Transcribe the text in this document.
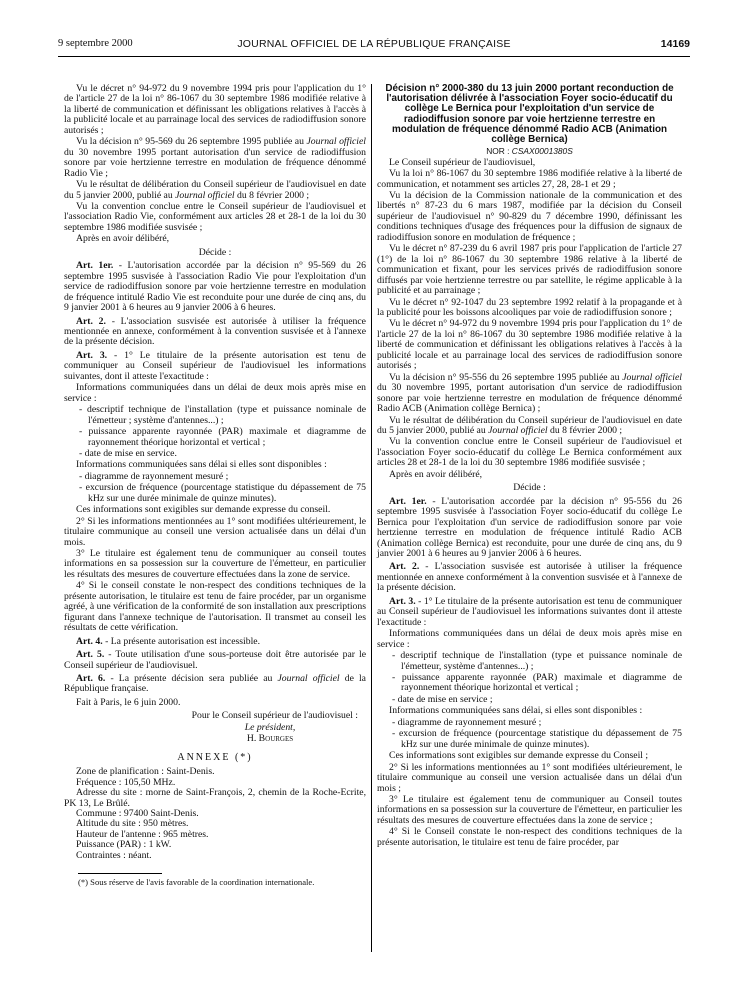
9 septembre 2000	JOURNAL OFFICIEL DE LA RÉPUBLIQUE FRANÇAISE	14169

Vu le décret n° 94-972 du 9 novembre 1994 pris pour l'application du 1° de l'article 27 de la loi n° 86-1067 du 30 septembre 1986 modifiée relative à la liberté de communication et définissant les obligations relatives à l'accès à la publicité locale et au parrainage local des services de radiodiffusion sonore autorisés ;

Vu la décision n° 95-569 du 26 septembre 1995 publiée au Journal officiel du 30 novembre 1995 portant autorisation d'un service de radiodiffusion sonore par voie hertzienne terrestre en modulation de fréquence dénommé Radio Vie ;

Vu le résultat de délibération du Conseil supérieur de l'audiovisuel en date du 5 janvier 2000, publié au Journal officiel du 8 février 2000 ;

Vu la convention conclue entre le Conseil supérieur de l'audiovisuel et l'association Radio Vie, conformément aux articles 28 et 28-1 de la loi du 30 septembre 1986 modifiée susvisée ;

Après en avoir délibéré,

Décide :

Art. 1er. - L'autorisation accordée par la décision n° 95-569 du 26 septembre 1995 susvisée à l'association Radio Vie pour l'exploitation d'un service de radiodiffusion sonore par voie hertzienne terrestre en modulation de fréquence intitulé Radio Vie est reconduite pour une durée de cinq ans, du 9 janvier 2001 à 6 heures au 9 janvier 2006 à 6 heures.

Art. 2. - L'association susvisée est autorisée à utiliser la fréquence mentionnée en annexe, conformément à la convention susvisée et à l'annexe de la présente décision.

Art. 3. - 1° Le titulaire de la présente autorisation est tenu de communiquer au Conseil supérieur de l'audiovisuel les informations suivantes, dont il atteste l'exactitude :

Informations communiquées dans un délai de deux mois après mise en service :

- descriptif technique de l'installation (type et puissance nominale de l'émetteur ; système d'antennes...) ;

- puissance apparente rayonnée (PAR) maximale et diagramme de rayonnement théorique horizontal et vertical ;

- date de mise en service.

Informations communiquées sans délai si elles sont disponibles :

- diagramme de rayonnement mesuré ;

- excursion de fréquence (pourcentage statistique du dépassement de 75 kHz sur une durée minimale de quinze minutes).

Ces informations sont exigibles sur demande expresse du conseil.

2° Si les informations mentionnées au 1° sont modifiées ultérieurement, le titulaire communique au conseil une version actualisée dans un délai d'un mois.

3° Le titulaire est également tenu de communiquer au conseil toutes informations en sa possession sur la couverture de l'émetteur, en particulier les résultats des mesures de couverture effectuées dans la zone de service.

4° Si le conseil constate le non-respect des conditions techniques de la présente autorisation, le titulaire est tenu de faire procéder, par un organisme agréé, à une vérification de la conformité de son installation aux prescriptions figurant dans l'annexe technique de l'autorisation. Il transmet au conseil les résultats de cette vérification.

Art. 4. - La présente autorisation est incessible.

Art. 5. - Toute utilisation d'une sous-porteuse doit être autorisée par le Conseil supérieur de l'audiovisuel.

Art. 6. - La présente décision sera publiée au Journal officiel de la République française.

Fait à Paris, le 6 juin 2000.

Pour le Conseil supérieur de l'audiovisuel :

Le président,

H. Bourges

ANNEXE (*)

Zone de planification : Saint-Denis.

Fréquence : 105,50 MHz.

Adresse du site : morne de Saint-François, 2, chemin de la Roche-Ecrite, PK 13, Le Brûlé.

Commune : 97400 Saint-Denis.

Altitude du site : 950 mètres.

Hauteur de l'antenne : 965 mètres.

Puissance (PAR) : 1 kW.

Contraintes : néant.

(*) Sous réserve de l'avis favorable de la coordination internationale.

Décision n° 2000-380 du 13 juin 2000 portant reconduction de l'autorisation délivrée à l'association Foyer socio-éducatif du collège Le Bernica pour l'exploitation d'un service de radiodiffusion sonore par voie hertzienne terrestre en modulation de fréquence dénommé Radio ACB (Animation collège Bernica)

NOR : CSAX0001380S

Le Conseil supérieur de l'audiovisuel,

Vu la loi n° 86-1067 du 30 septembre 1986 modifiée relative à la liberté de communication, et notamment ses articles 27, 28, 28-1 et 29 ;

Vu la décision de la Commission nationale de la communication et des libertés n° 87-23 du 6 mars 1987, modifiée par la décision du Conseil supérieur de l'audiovisuel n° 90-829 du 7 décembre 1990, définissant les conditions techniques d'usage des fréquences pour la diffusion de signaux de radiodiffusion sonore en modulation de fréquence ;

Vu le décret n° 87-239 du 6 avril 1987 pris pour l'application de l'article 27 (1°) de la loi n° 86-1067 du 30 septembre 1986 relative à la liberté de communication et fixant, pour les services privés de radiodiffusion sonore diffusés par voie hertzienne terrestre ou par satellite, le régime applicable à la publicité et au parrainage ;

Vu le décret n° 92-1047 du 23 septembre 1992 relatif à la propagande et à la publicité pour les boissons alcooliques par voie de radiodiffusion sonore ;

Vu le décret n° 94-972 du 9 novembre 1994 pris pour l'application du 1° de l'article 27 de la loi n° 86-1067 du 30 septembre 1986 modifiée relative à la liberté de communication et définissant les obligations relatives à l'accès à la publicité locale et au parrainage local des services de radiodiffusion sonore autorisés ;

Vu la décision n° 95-556 du 26 septembre 1995 publiée au Journal officiel du 30 novembre 1995, portant autorisation d'un service de radiodiffusion sonore par voie hertzienne terrestre en modulation de fréquence dénommé Radio ACB (Animation collège Bernica) ;

Vu le résultat de délibération du Conseil supérieur de l'audiovisuel en date du 5 janvier 2000, publié au Journal officiel du 8 février 2000 ;

Vu la convention conclue entre le Conseil supérieur de l'audiovisuel et l'association Foyer socio-éducatif du collège Le Bernica conformément aux articles 28 et 28-1 de la loi du 30 septembre 1986 modifiée susvisée ;

Après en avoir délibéré,

Décide :

Art. 1er. - L'autorisation accordée par la décision n° 95-556 du 26 septembre 1995 susvisée à l'association Foyer socio-éducatif du collège Le Bernica pour l'exploitation d'un service de radiodiffusion sonore par voie hertzienne terrestre en modulation de fréquence intitulé Radio ACB (Animation collège Bernica) est reconduite, pour une durée de cinq ans, du 9 janvier 2001 à 6 heures au 9 janvier 2006 à 6 heures.

Art. 2. - L'association susvisée est autorisée à utiliser la fréquence mentionnée en annexe conformément à la convention susvisée et à l'annexe de la présente décision.

Art. 3. - 1° Le titulaire de la présente autorisation est tenu de communiquer au Conseil supérieur de l'audiovisuel les informations suivantes dont il atteste l'exactitude :

Informations communiquées dans un délai de deux mois après mise en service :

- descriptif technique de l'installation (type et puissance nominale de l'émetteur, système d'antennes...) ;

- puissance apparente rayonnée (PAR) maximale et diagramme de rayonnement théorique horizontal et vertical ;

- date de mise en service ;

Informations communiquées sans délai, si elles sont disponibles :

- diagramme de rayonnement mesuré ;

- excursion de fréquence (pourcentage statistique du dépassement de 75 kHz sur une durée minimale de quinze minutes).

Ces informations sont exigibles sur demande expresse du Conseil ;

2° Si les informations mentionnées au 1° sont modifiées ultérieurement, le titulaire communique au conseil une version actualisée dans un délai d'un mois ;

3° Le titulaire est également tenu de communiquer au Conseil toutes informations en sa possession sur la couverture de l'émetteur, en particulier les résultats des mesures de couverture effectuées dans la zone de service ;

4° Si le Conseil constate le non-respect des conditions techniques de la présente autorisation, le titulaire est tenu de faire procéder, par
